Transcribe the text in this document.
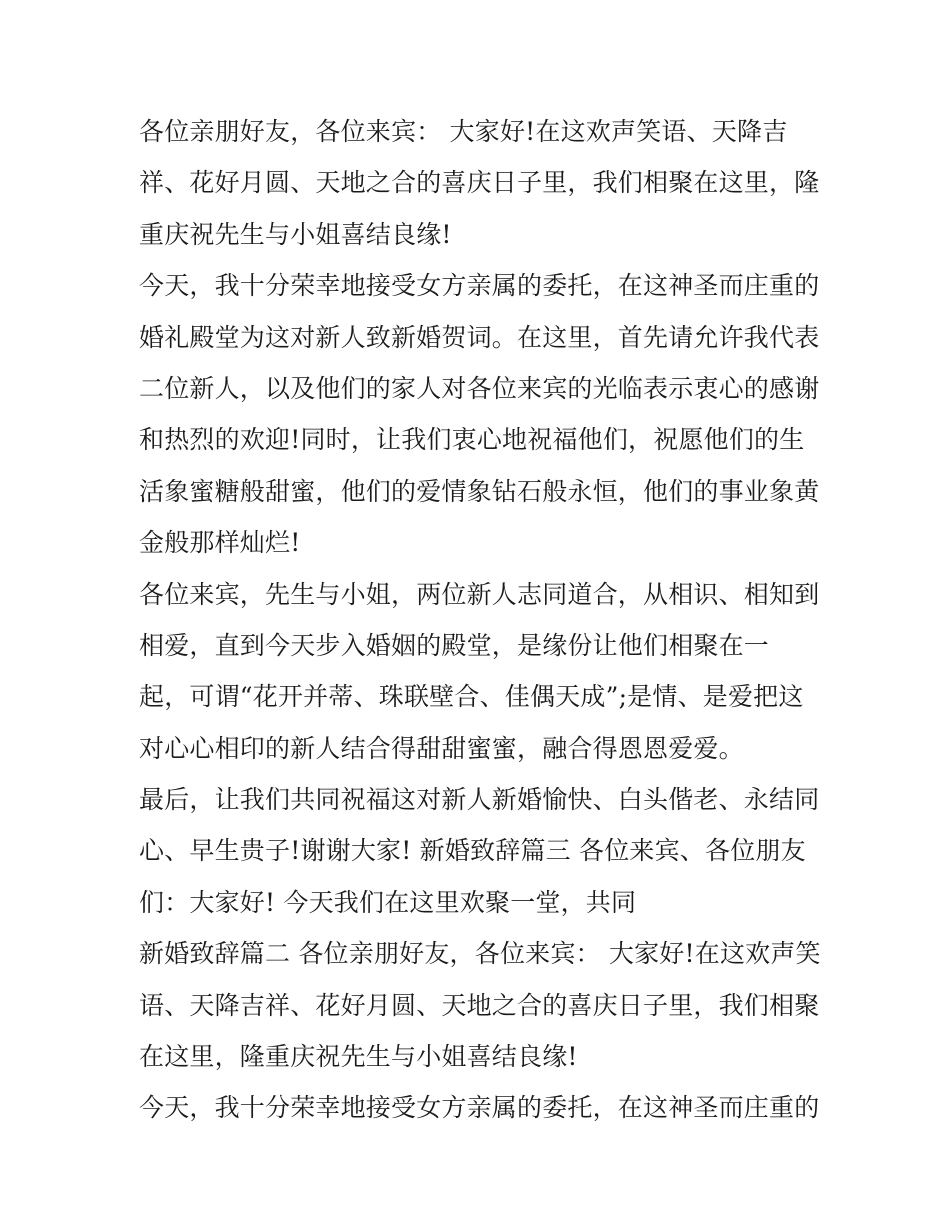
各位亲朋好友，各位来宾： 大家好!在这欢声笑语、天降吉
祥、花好月圆、天地之合的喜庆日子里，我们相聚在这里，隆
重庆祝先生与小姐喜结良缘!
今天，我十分荣幸地接受女方亲属的委托，在这神圣而庄重的
婚礼殿堂为这对新人致新婚贺词。在这里，首先请允许我代表
二位新人，以及他们的家人对各位来宾的光临表示衷心的感谢
和热烈的欢迎!同时，让我们衷心地祝福他们，祝愿他们的生
活象蜜糖般甜蜜，他们的爱情象钻石般永恒，他们的事业象黄
金般那样灿烂!
各位来宾，先生与小姐，两位新人志同道合，从相识、相知到
相爱，直到今天步入婚姻的殿堂，是缘份让他们相聚在一
起，可谓“花开并蒂、珠联壁合、佳偶天成”;是情、是爱把这
对心心相印的新人结合得甜甜蜜蜜，融合得恩恩爱爱。
最后，让我们共同祝福这对新人新婚愉快、白头偕老、永结同
心、早生贵子!谢谢大家! 新婚致辞篇三 各位来宾、各位朋友
们：大家好! 今天我们在这里欢聚一堂，共同
新婚致辞篇二 各位亲朋好友，各位来宾： 大家好!在这欢声笑
语、天降吉祥、花好月圆、天地之合的喜庆日子里，我们相聚
在这里，隆重庆祝先生与小姐喜结良缘!
今天，我十分荣幸地接受女方亲属的委托，在这神圣而庄重的
